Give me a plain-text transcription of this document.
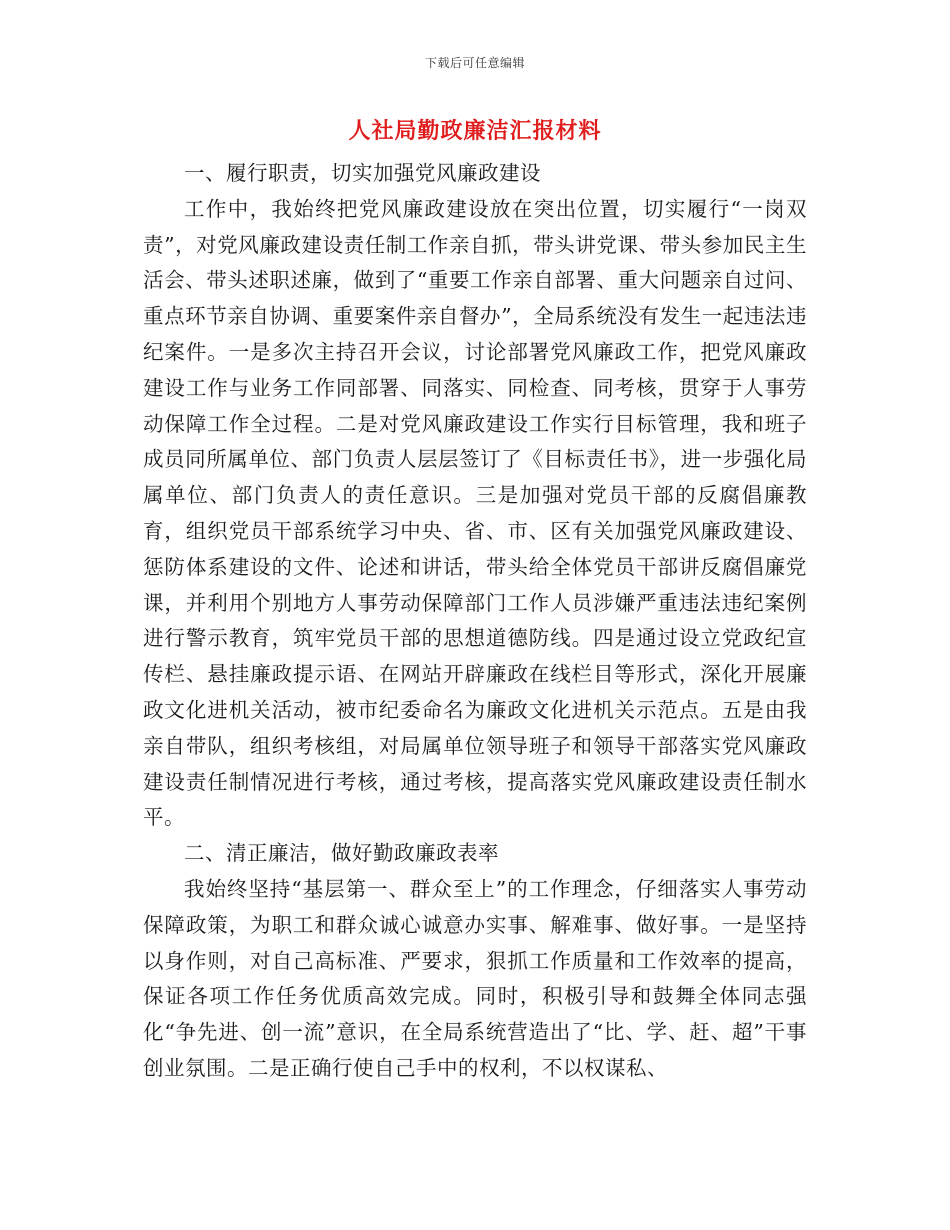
下载后可任意编辑
人社局勤政廉洁汇报材料

一、履行职责，切实加强党风廉政建设

工作中，我始终把党风廉政建设放在突出位置，切实履行“一岗双责”，对党风廉政建设责任制工作亲自抓，带头讲党课、带头参加民主生活会、带头述职述廉，做到了“重要工作亲自部署、重大问题亲自过问、重点环节亲自协调、重要案件亲自督办”，全局系统没有发生一起违法违纪案件。一是多次主持召开会议，讨论部署党风廉政工作，把党风廉政建设工作与业务工作同部署、同落实、同检查、同考核，贯穿于人事劳动保障工作全过程。二是对党风廉政建设工作实行目标管理，我和班子成员同所属单位、部门负责人层层签订了《目标责任书》，进一步强化局属单位、部门负责人的责任意识。三是加强对党员干部的反腐倡廉教育，组织党员干部系统学习中央、省、市、区有关加强党风廉政建设、惩防体系建设的文件、论述和讲话，带头给全体党员干部讲反腐倡廉党课，并利用个别地方人事劳动保障部门工作人员涉嫌严重违法违纪案例进行警示教育，筑牢党员干部的思想道德防线。四是通过设立党政纪宣传栏、悬挂廉政提示语、在网站开辟廉政在线栏目等形式，深化开展廉政文化进机关活动，被市纪委命名为廉政文化进机关示范点。五是由我亲自带队，组织考核组，对局属单位领导班子和领导干部落实党风廉政建设责任制情况进行考核，通过考核，提高落实党风廉政建设责任制水平。

二、清正廉洁，做好勤政廉政表率

我始终坚持“基层第一、群众至上”的工作理念，仔细落实人事劳动保障政策，为职工和群众诚心诚意办实事、解难事、做好事。一是坚持以身作则，对自己高标准、严要求，狠抓工作质量和工作效率的提高，保证各项工作任务优质高效完成。同时，积极引导和鼓舞全体同志强化“争先进、创一流”意识，在全局系统营造出了“比、学、赶、超”干事创业氛围。二是正确行使自己手中的权利，不以权谋私、
